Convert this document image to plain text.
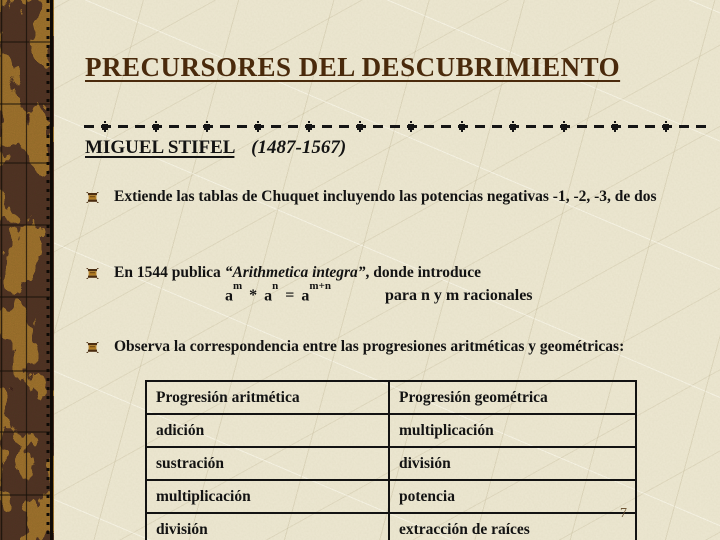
PRECURSORES DEL DESCUBRIMIENTO
MIGUEL STIFEL (1487-1567)

Extiende las tablas de Chuquet incluyendo las potencias negativas -1, -2, -3, de dos

En 1544 publica “Arithmetica integra”, donde introduce

$a^m*$ $a^n=$ $a^{m+n}para$ n y m racionales

Observa la correspondencia entre las progresiones aritméticas y geométricas:

Progresión aritmética	Progresión geométrica
adición	multiplicación
sustración	división
multiplicación	potencia
división	extracción de raíces
7
